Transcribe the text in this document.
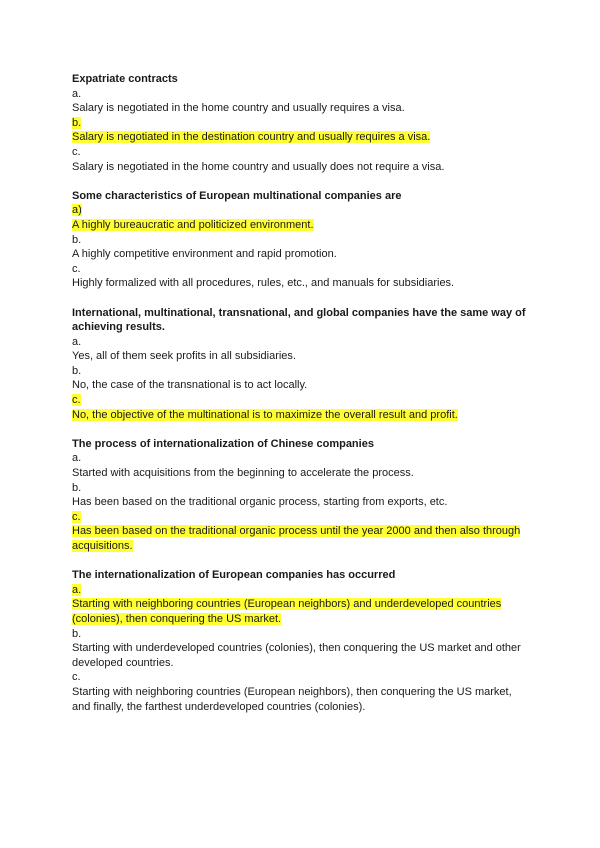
Expatriate contracts
a.
Salary is negotiated in the home country and usually requires a visa.
b.
Salary is negotiated in the destination country and usually requires a visa.
c.
Salary is negotiated in the home country and usually does not require a visa.
Some characteristics of European multinational companies are
a)
A highly bureaucratic and politicized environment.
b.
A highly competitive environment and rapid promotion.
c.
Highly formalized with all procedures, rules, etc., and manuals for subsidiaries.
International, multinational, transnational, and global companies have the same way of achieving results.
a.
Yes, all of them seek profits in all subsidiaries.
b.
No, the case of the transnational is to act locally.
c.
No, the objective of the multinational is to maximize the overall result and profit.
The process of internationalization of Chinese companies
a.
Started with acquisitions from the beginning to accelerate the process.
b.
Has been based on the traditional organic process, starting from exports, etc.
c.
Has been based on the traditional organic process until the year 2000 and then also through acquisitions.
The internationalization of European companies has occurred
a.
Starting with neighboring countries (European neighbors) and underdeveloped countries (colonies), then conquering the US market.
b.
Starting with underdeveloped countries (colonies), then conquering the US market and other developed countries.
c.
Starting with neighboring countries (European neighbors), then conquering the US market, and finally, the farthest underdeveloped countries (colonies).
